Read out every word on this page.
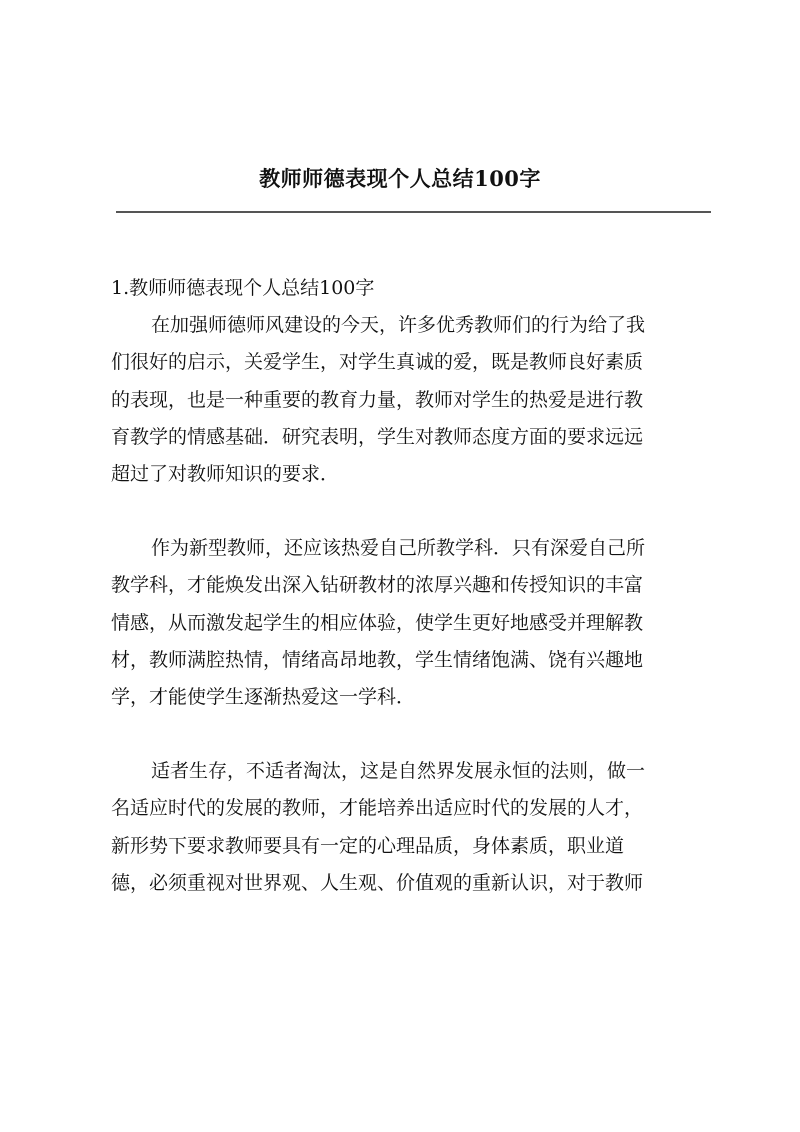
教师师德表现个人总结100字

1.教师师德表现个人总结100字

在加强师德师风建设的今天，许多优秀教师们的行为给了我
们很好的启示，关爱学生，对学生真诚的爱，既是教师良好素质
的表现，也是一种重要的教育力量，教师对学生的热爱是进行教
育教学的情感基础．研究表明，学生对教师态度方面的要求远远
超过了对教师知识的要求．

作为新型教师，还应该热爱自己所教学科．只有深爱自己所
教学科，才能焕发出深入钻研教材的浓厚兴趣和传授知识的丰富
情感，从而激发起学生的相应体验，使学生更好地感受并理解教
材，教师满腔热情，情绪高昂地教，学生情绪饱满、饶有兴趣地
学，才能使学生逐渐热爱这一学科．

适者生存，不适者淘汰，这是自然界发展永恒的法则，做一
名适应时代的发展的教师，才能培养出适应时代的发展的人才，
新形势下要求教师要具有一定的心理品质，身体素质，职业道
德，必须重视对世界观、人生观、价值观的重新认识，对于教师
